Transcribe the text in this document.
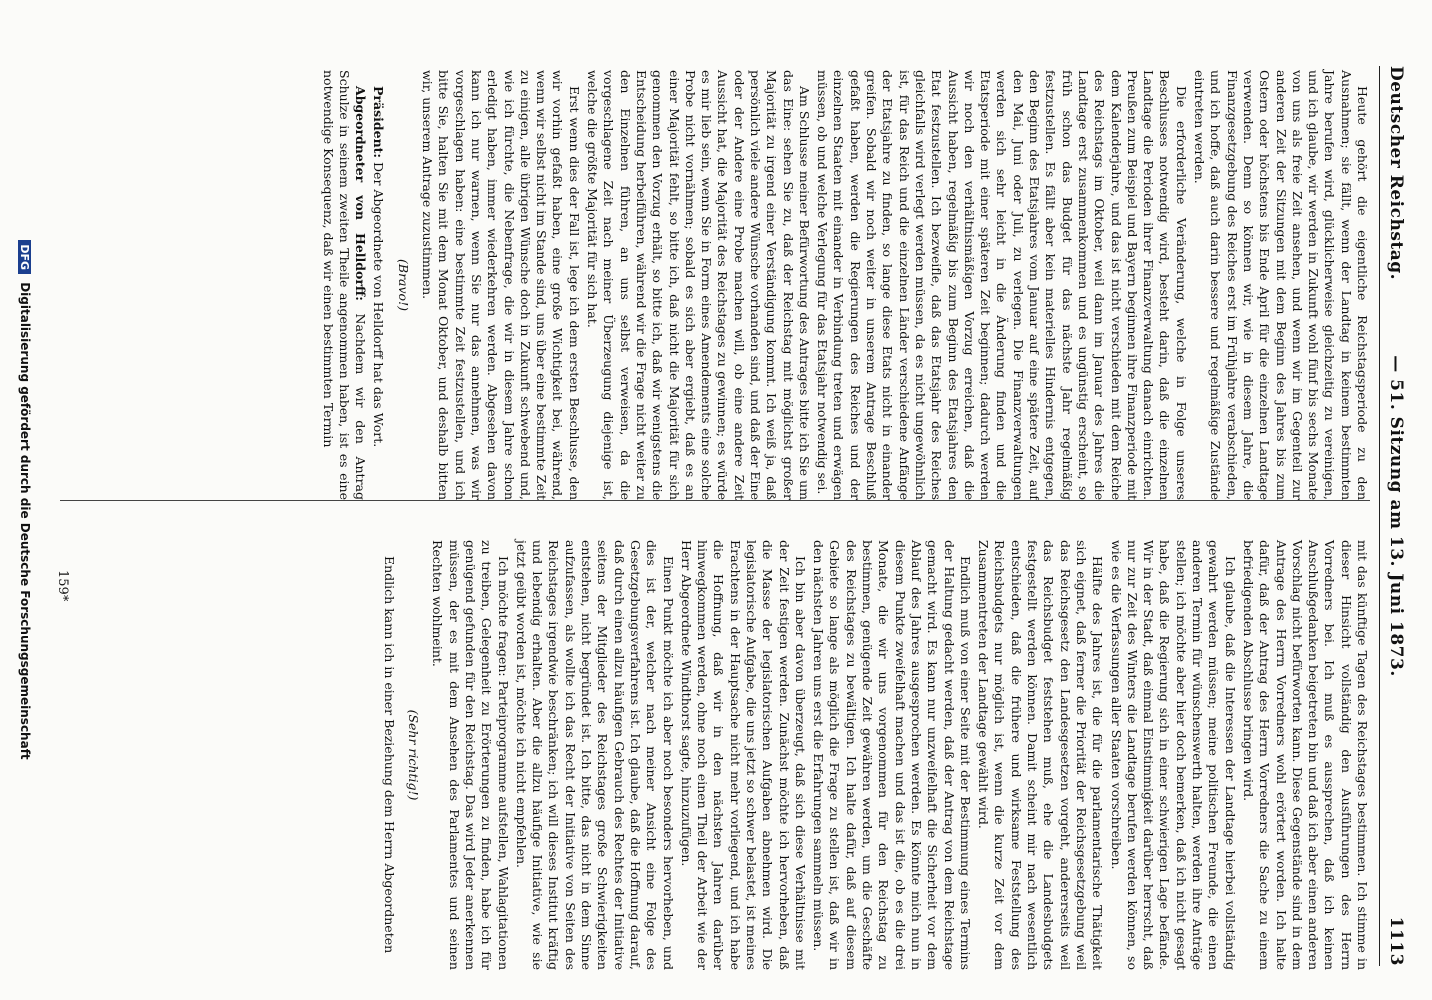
Deutscher Reichstag.
— 51. Sitzung am 13. Juni 1873.
1113

Heute gehört die eigentliche Reichstagsperiode zu den Ausnahmen; sie fällt, wenn der Landtag in keinem bestimmten Jahre berufen wird, glücklicherweise gleichzeitig zu vereinigen, und ich glaube, wir werden in Zukunft wohl fünf bis sechs Monate von uns als freie Zeit ansehen, und wenn wir im Gegenteil zur anderen Zeit der Sitzungen mit dem Beginn des Jahres bis zum Ostern oder höchstens bis Ende April für die einzelnen Landtage verwenden. Denn so können wir, wie in diesem Jahre, die Finanzgesetzgebung des Reiches erst im Frühjahre verabschieden, und ich hoffe, daß auch darin bessere und regelmäßige Zustände eintreten werden.

Die erforderliche Veränderung, welche in Folge unseres Beschlusses notwendig wird, besteht darin, daß die einzelnen Landtage die Perioden ihrer Finanzverwaltung danach einrichten. Preußen zum Beispiel und Bayern beginnen ihre Finanzperiode mit dem Kalenderjahre, und das ist nicht verschieden mit dem Reiche des Reichstags im Oktober, weil dann im Januar des Jahres die Landtage erst zusammenkommen und es ungünstig erscheint, so früh schon das Budget für das nächste Jahr regelmäßig festzustellen. Es fällt aber kein materielles Hindernis entgegen, den Beginn des Etatsjahres vom Januar auf eine spätere Zeit, auf den Mai, Juni oder Juli, zu verlegen. Die Finanzverwaltungen werden sich sehr leicht in die Änderung finden und die Etatsperiode mit einer späteren Zeit beginnen; dadurch werden wir noch den verhältnismäßigen Vorzug erreichen, daß die Aussicht haben, regelmäßig bis zum Beginn des Etatsjahres den Etat festzustellen. Ich bezweifle, daß das Etatsjahr des Reiches gleichfalls wird verlegt werden müssen, da es nicht ungewöhnlich ist, für das Reich und die einzelnen Länder verschiedene Anfänge der Etatsjahre zu finden, so lange diese Etats nicht in einander greifen. Sobald wir noch weiter in unserem Antrage Beschluß gefaßt haben, werden die Regierungen des Reiches und der einzelnen Staaten mit einander in Verbindung treten und erwägen müssen, ob und welche Verlegung für das Etatsjahr notwendig sei.

Am Schlusse meiner Befürwortung des Antrages bitte ich Sie um das Eine: sehen Sie zu, daß der Reichstag mit möglichst großer Majorität zu irgend einer Verständigung kommt. Ich weiß ja, daß persönlich viele andere Wünsche vorhanden sind, und daß der Eine oder der Andere eine Probe machen will, ob eine andere Zeit Aussicht hat, die Majorität des Reichstages zu gewinnen; es würde es mir lieb sein, wenn Sie in Form eines Amendements eine solche Probe nicht vornähmen; sobald es sich aber ergiebt, daß es an einer Majorität fehlt, so bitte ich, daß nicht die Majorität für sich genommen den Vorzug erhält, so bitte ich, daß wir wenigstens die Entscheidung herbeiführen, während wir die Frage nicht weiter zu den Einzelnen führen, an uns selbst verweisen, da die vorgeschlagene Zeit nach meiner Überzeugung diejenige ist, welche die größte Majorität für sich hat.

Erst wenn dies der Fall ist, lege ich dem ersten Beschlusse, den wir vorhin gefaßt haben, eine große Wichtigkeit bei, während, wenn wir selbst nicht im Stande sind, uns über eine bestimmte Zeit zu einigen, alle übrigen Wünsche doch in Zukunft schwebend und, wie ich fürchte, die Nebenfrage, die wir in diesem Jahre schon erledigt haben, immer wiederkehren werden. Abgesehen davon kann ich nur warnen, wenn Sie nur das annehmen, was wir vorgeschlagen haben: eine bestimmte Zeit festzustellen, und ich bitte Sie, halten Sie mit dem Monat Oktober, und deshalb bitten wir, unserem Antrage zuzustimmen.

(Bravo!)

Präsident: Der Abgeordnete von Helldorff hat das Wort.

Abgeordneter von Helldorff: Nachdem wir den Antrag Schulze in seinem zweiten Theile angenommen haben, ist es eine notwendige Konsequenz, daß wir einen bestimmten Termin

mit das künftige Tagen des Reichstages bestimmen. Ich stimme in dieser Hinsicht vollständig den Ausführungen des Herrn Vorredners bei. Ich muß es aussprechen, daß ich keinen Anschlußgedanken beigetreten bin und daß ich aber einen anderen Vorschlag nicht befürworten kann. Diese Gegenstände sind in dem Antrage des Herrn Vorredners wohl erörtert worden. Ich halte dafür, daß der Antrag des Herrn Vorredners die Sache zu einem befriedigenden Abschlusse bringen wird.

Ich glaube, daß die Interessen der Landtage hierbei vollständig gewahrt werden müssen; meine politischen Freunde, die einen anderen Termin für wünschenswerth halten, werden ihre Anträge stellen; ich möchte aber hier doch bemerken, daß ich nicht gesagt habe, daß die Regierung sich in einer schwierigen Lage befände. Wir in der Stadt, daß einmal Einstimmigkeit darüber herrscht, daß nur zur Zeit des Winters die Landtage berufen werden können, so wie es die Verfassungen aller Staaten vorschreiben.

Hälfte des Jahres ist, die für die parlamentarische Thätigkeit sich eignet, daß ferner die Priorität der Reichsgesetzgebung weil das Reichsgesetz den Landesgesetzen vorgeht, andererseits weil das Reichsbudget feststehen muß, ehe die Landesbudgets festgestellt werden können. Damit scheint mir nach wesentlich entschieden, daß die frühere und wirksame Feststellung des Reichsbudgets nur möglich ist, wenn die kurze Zeit vor dem Zusammentreten der Landtage gewählt wird.

Endlich muß von einer Seite mit der Bestimmung eines Termins der Haltung gedacht werden, daß der Antrag von dem Reichstage gemacht wird. Es kann nur unzweifelhaft die Sicherheit vor dem Ablauf des Jahres ausgesprochen werden. Es könnte mich nun in diesem Punkte zweifelhaft machen und das ist die, ob es die drei Monate, die wir uns vorgenommen für den Reichstag zu bestimmen, genügende Zeit gewähren werden, um die Geschäfte des Reichstages zu bewältigen. Ich halte dafür, daß auf diesem Gebiete so lange als möglich die Frage zu stellen ist, daß wir in den nächsten Jahren uns erst die Erfahrungen sammeln müssen.

Ich bin aber davon überzeugt, daß sich diese Verhältnisse mit der Zeit festigen werden. Zunächst möchte ich hervorheben, daß die Masse der legislatorischen Aufgaben abnehmen wird. Die legislatorische Aufgabe, die uns jetzt so schwer belastet, ist meines Erachtens in der Hauptsache nicht mehr vorliegend, und ich habe die Hoffnung, daß wir in den nächsten Jahren darüber hinwegkommen werden, ohne noch einen Theil der Arbeit wie der Herr Abgeordnete Windthorst sagte, hinzuzufügen.

Einen Punkt möchte ich aber noch besonders hervorheben, und dies ist der, welcher nach meiner Ansicht eine Folge des Gesetzgebungsverfahrens ist. Ich glaube, daß die Hoffnung darauf, daß durch einen allzu häufigen Gebrauch des Rechtes der Initiative seitens der Mitglieder des Reichstages große Schwierigkeiten entstehen, nicht begründet ist. Ich bitte, das nicht in dem Sinne aufzufassen, als wollte ich das Recht der Initiative von Seiten des Reichstages irgendwie beschränken; ich will dieses Institut kräftig und lebendig erhalten. Aber die allzu häufige Initiative, wie sie jetzt geübt worden ist, möchte ich nicht empfehlen.

Ich möchte fragen: Parteiprogramme aufstellen, Wahlagitationen zu treiben, Gelegenheit zu Erörterungen zu finden, habe ich für genügend gefunden für den Reichstag. Das wird Jeder anerkennen müssen, der es mit dem Ansehen des Parlamentes und seinen Rechten wohlmeint.

(Sehr richtig!)

Endlich kann ich in einer Beziehung dem Herrn Abgeordneten

159*
DFG Digitalisierung gefördert durch die Deutsche Forschungsgemeinschaft
